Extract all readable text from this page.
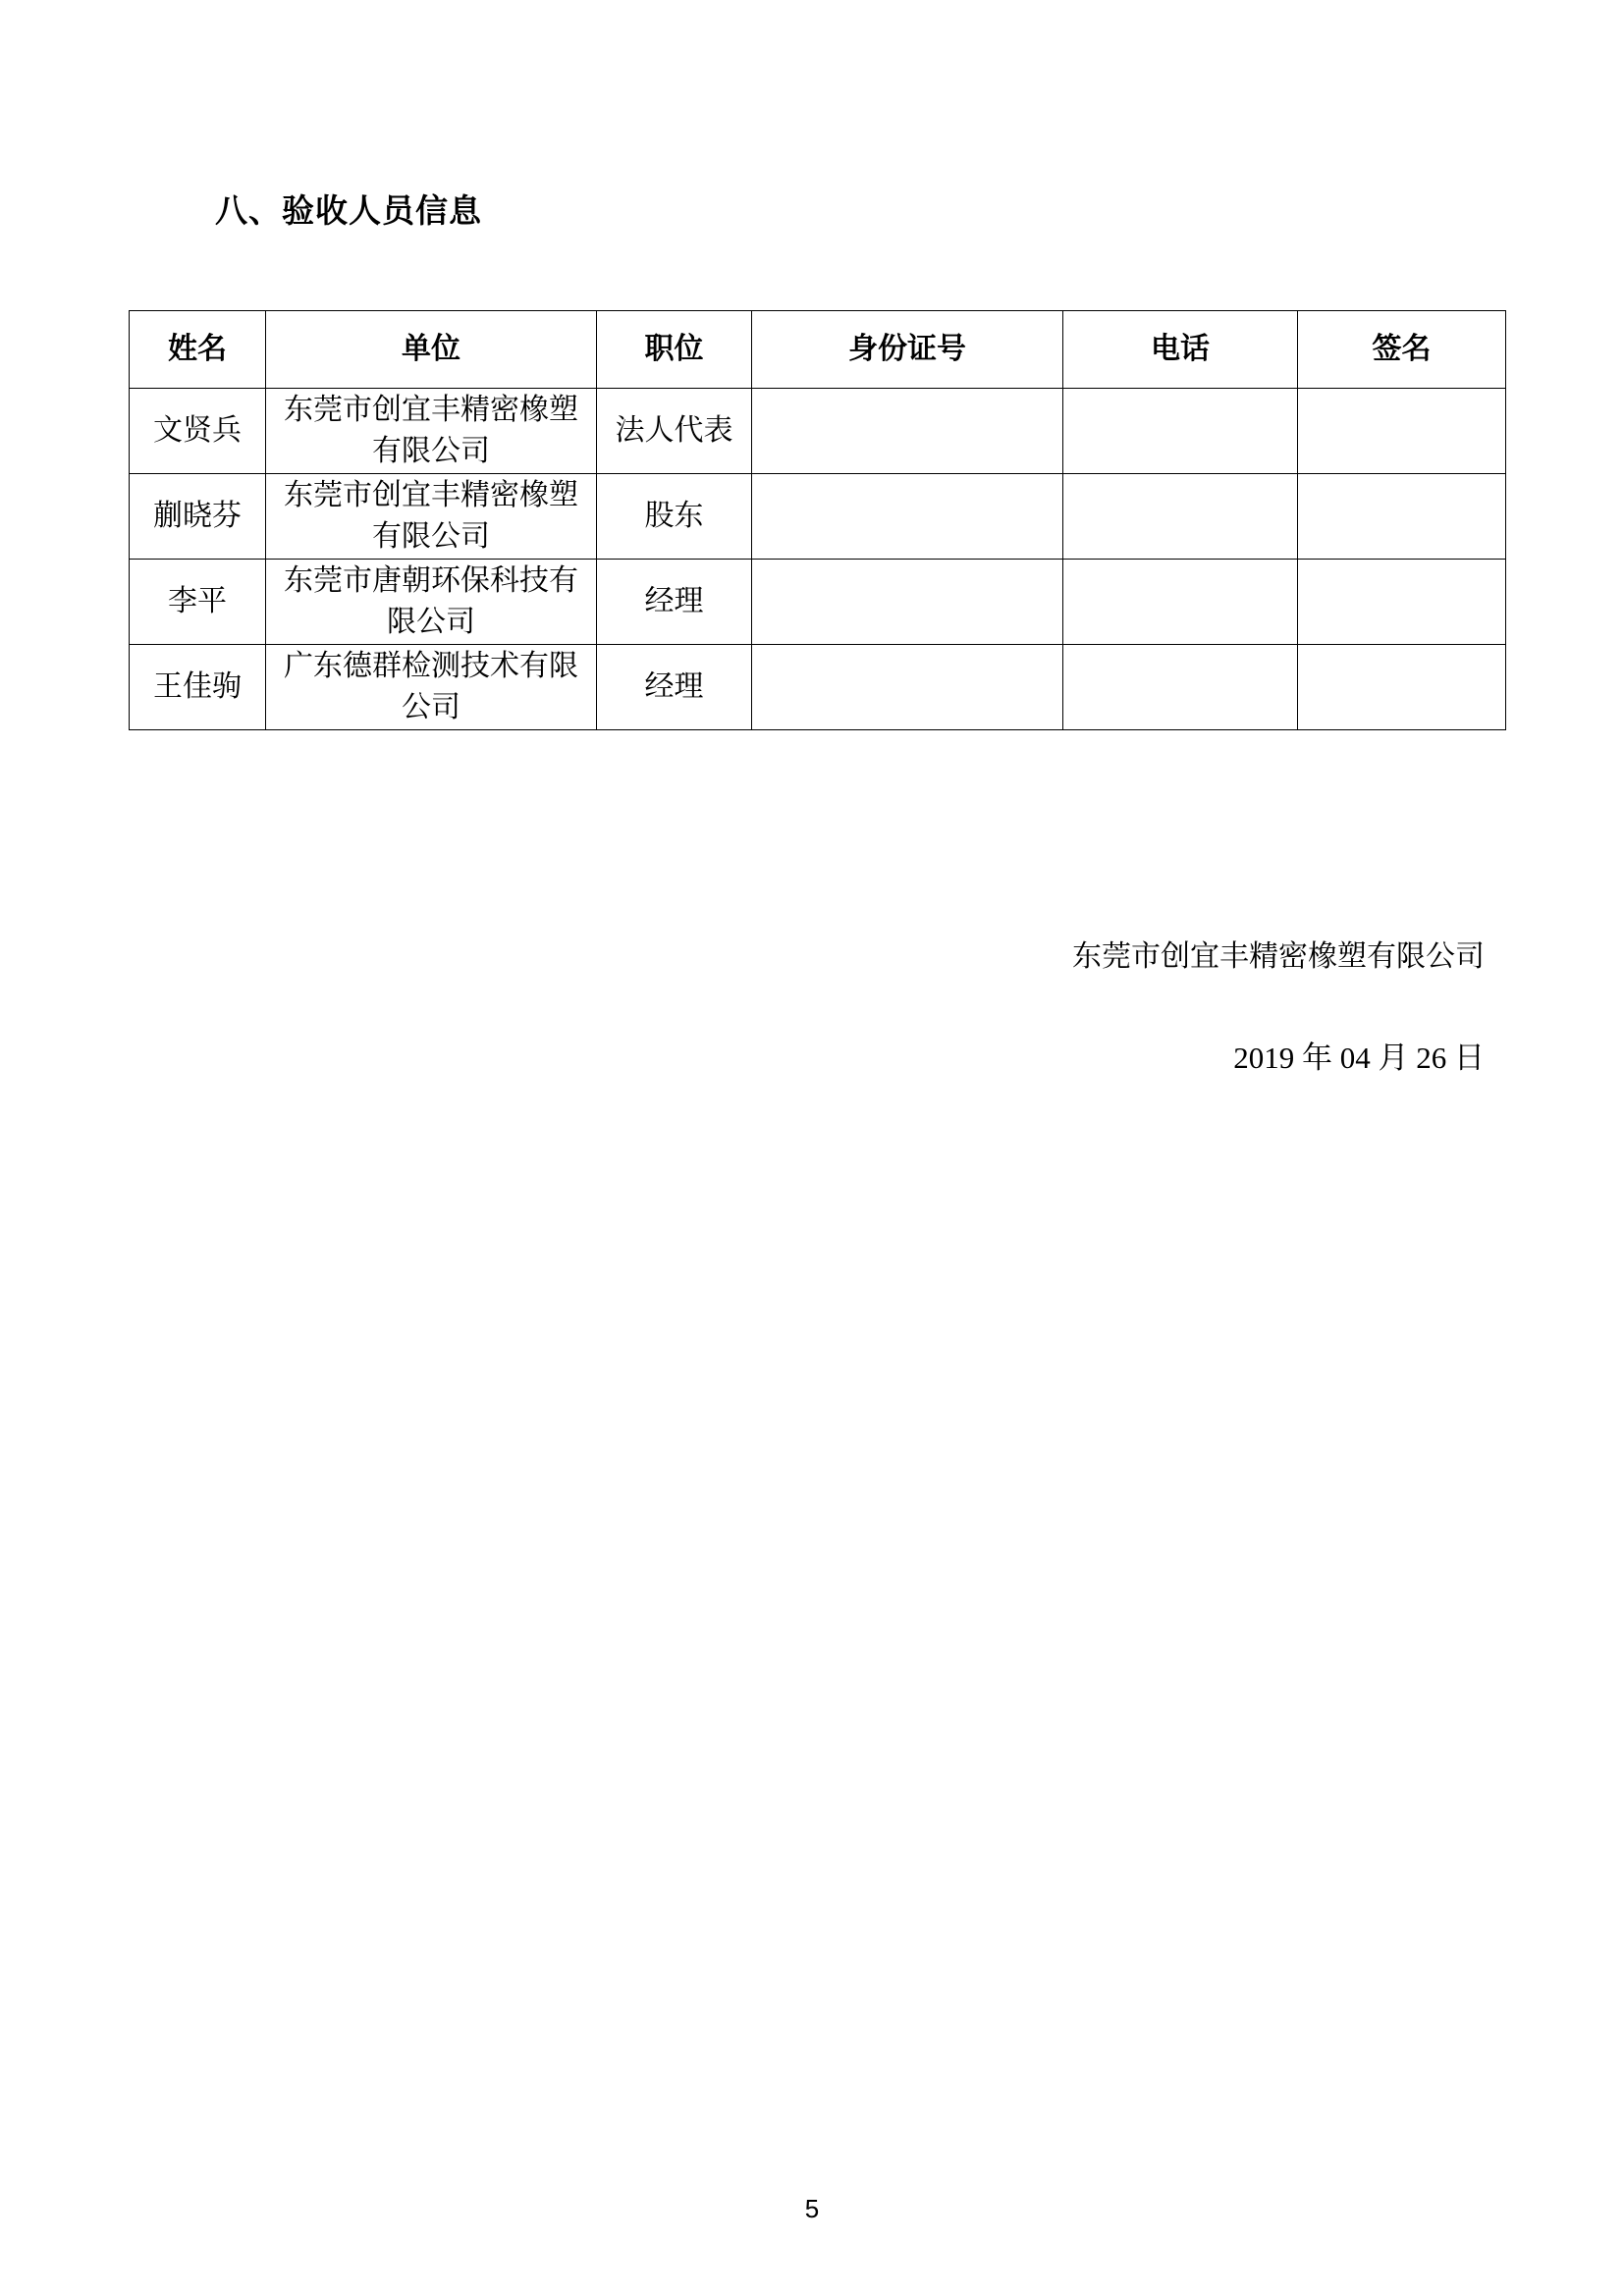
八、验收人员信息
姓名	单位	职位	身份证号	电话	签名
文贤兵	东莞市创宜丰精密橡塑有限公司	法人代表			
蒯晓芬	东莞市创宜丰精密橡塑有限公司	股东			
李平	东莞市唐朝环保科技有限公司	经理			
王佳驹	广东德群检测技术有限公司	经理			
东莞市创宜丰精密橡塑有限公司
2019 年 04 月 26 日
5
